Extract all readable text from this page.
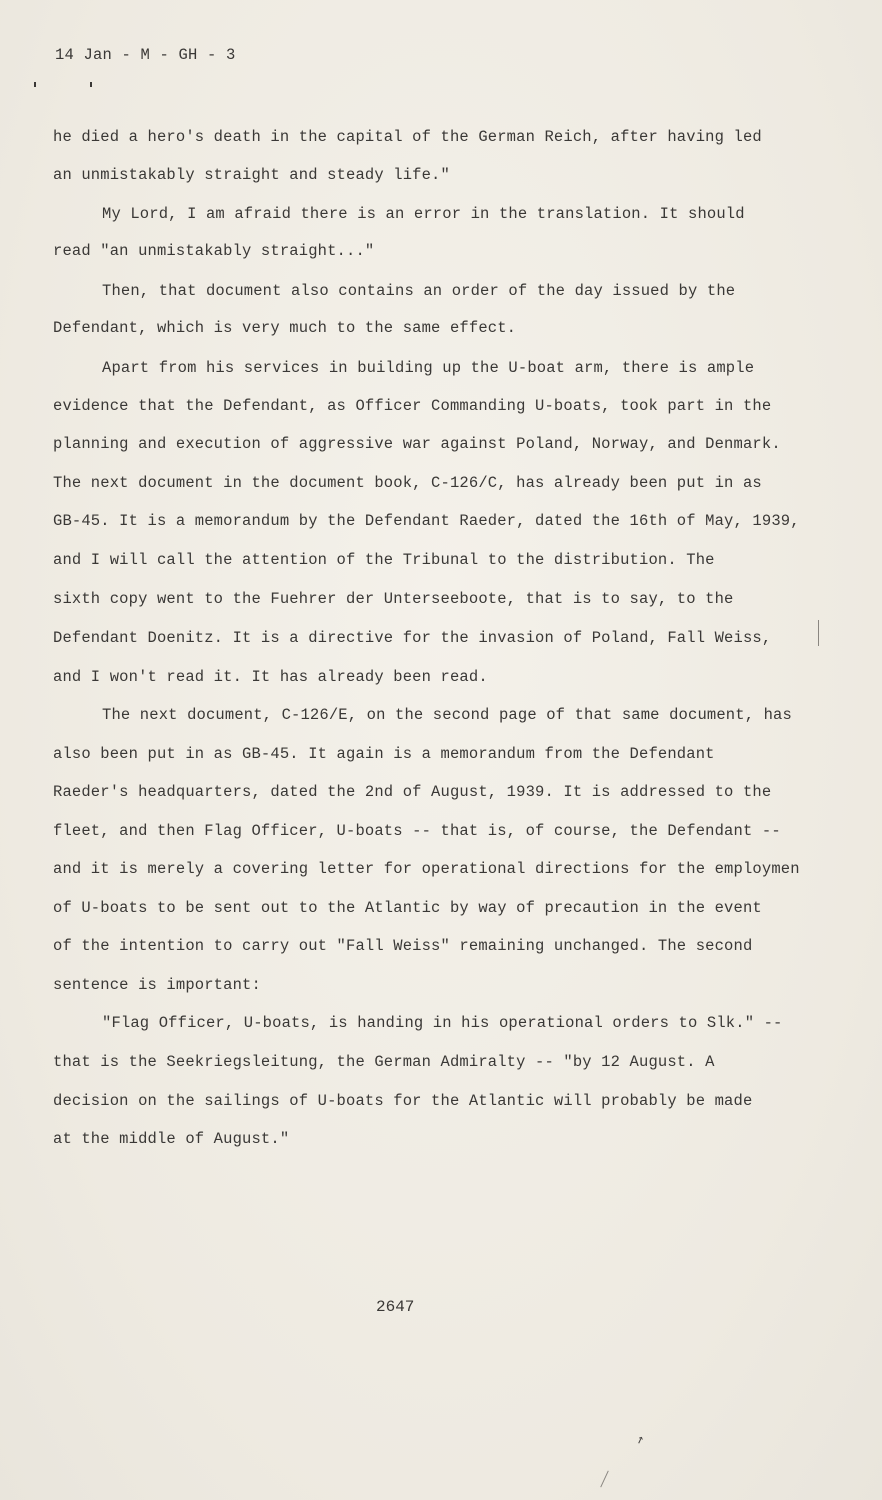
14 Jan - M - GH - 3
he died a hero's death in the capital of the German Reich, after having led
an unmistakably straight and steady life."
My Lord, I am afraid there is an error in the translation. It should
read "an unmistakably straight..."
Then, that document also contains an order of the day issued by the
Defendant, which is very much to the same effect.
Apart from his services in building up the U-boat arm, there is ample
evidence that the Defendant, as Officer Commanding U-boats, took part in the
planning and execution of aggressive war against Poland, Norway, and Denmark.
The next document in the document book, C-126/C, has already been put in as
GB-45. It is a memorandum by the Defendant Raeder, dated the 16th of May, 1939,
and I will call the attention of the Tribunal to the distribution. The
sixth copy went to the Fuehrer der Unterseeboote, that is to say, to the
Defendant Doenitz. It is a directive for the invasion of Poland, Fall Weiss,
and I won't read it. It has already been read.
The next document, C-126/E, on the second page of that same document, has
also been put in as GB-45. It again is a memorandum from the Defendant
Raeder's headquarters, dated the 2nd of August, 1939. It is addressed to the
fleet, and then Flag Officer, U-boats -- that is, of course, the Defendant --
and it is merely a covering letter for operational directions for the employmen
of U-boats to be sent out to the Atlantic by way of precaution in the event
of the intention to carry out "Fall Weiss" remaining unchanged. The second
sentence is important:
"Flag Officer, U-boats, is handing in his operational orders to Slk." --
that is the Seekriegsleitung, the German Admiralty -- "by 12 August. A
decision on the sailings of U-boats for the Atlantic will probably be made
at the middle of August."
2647
↗
